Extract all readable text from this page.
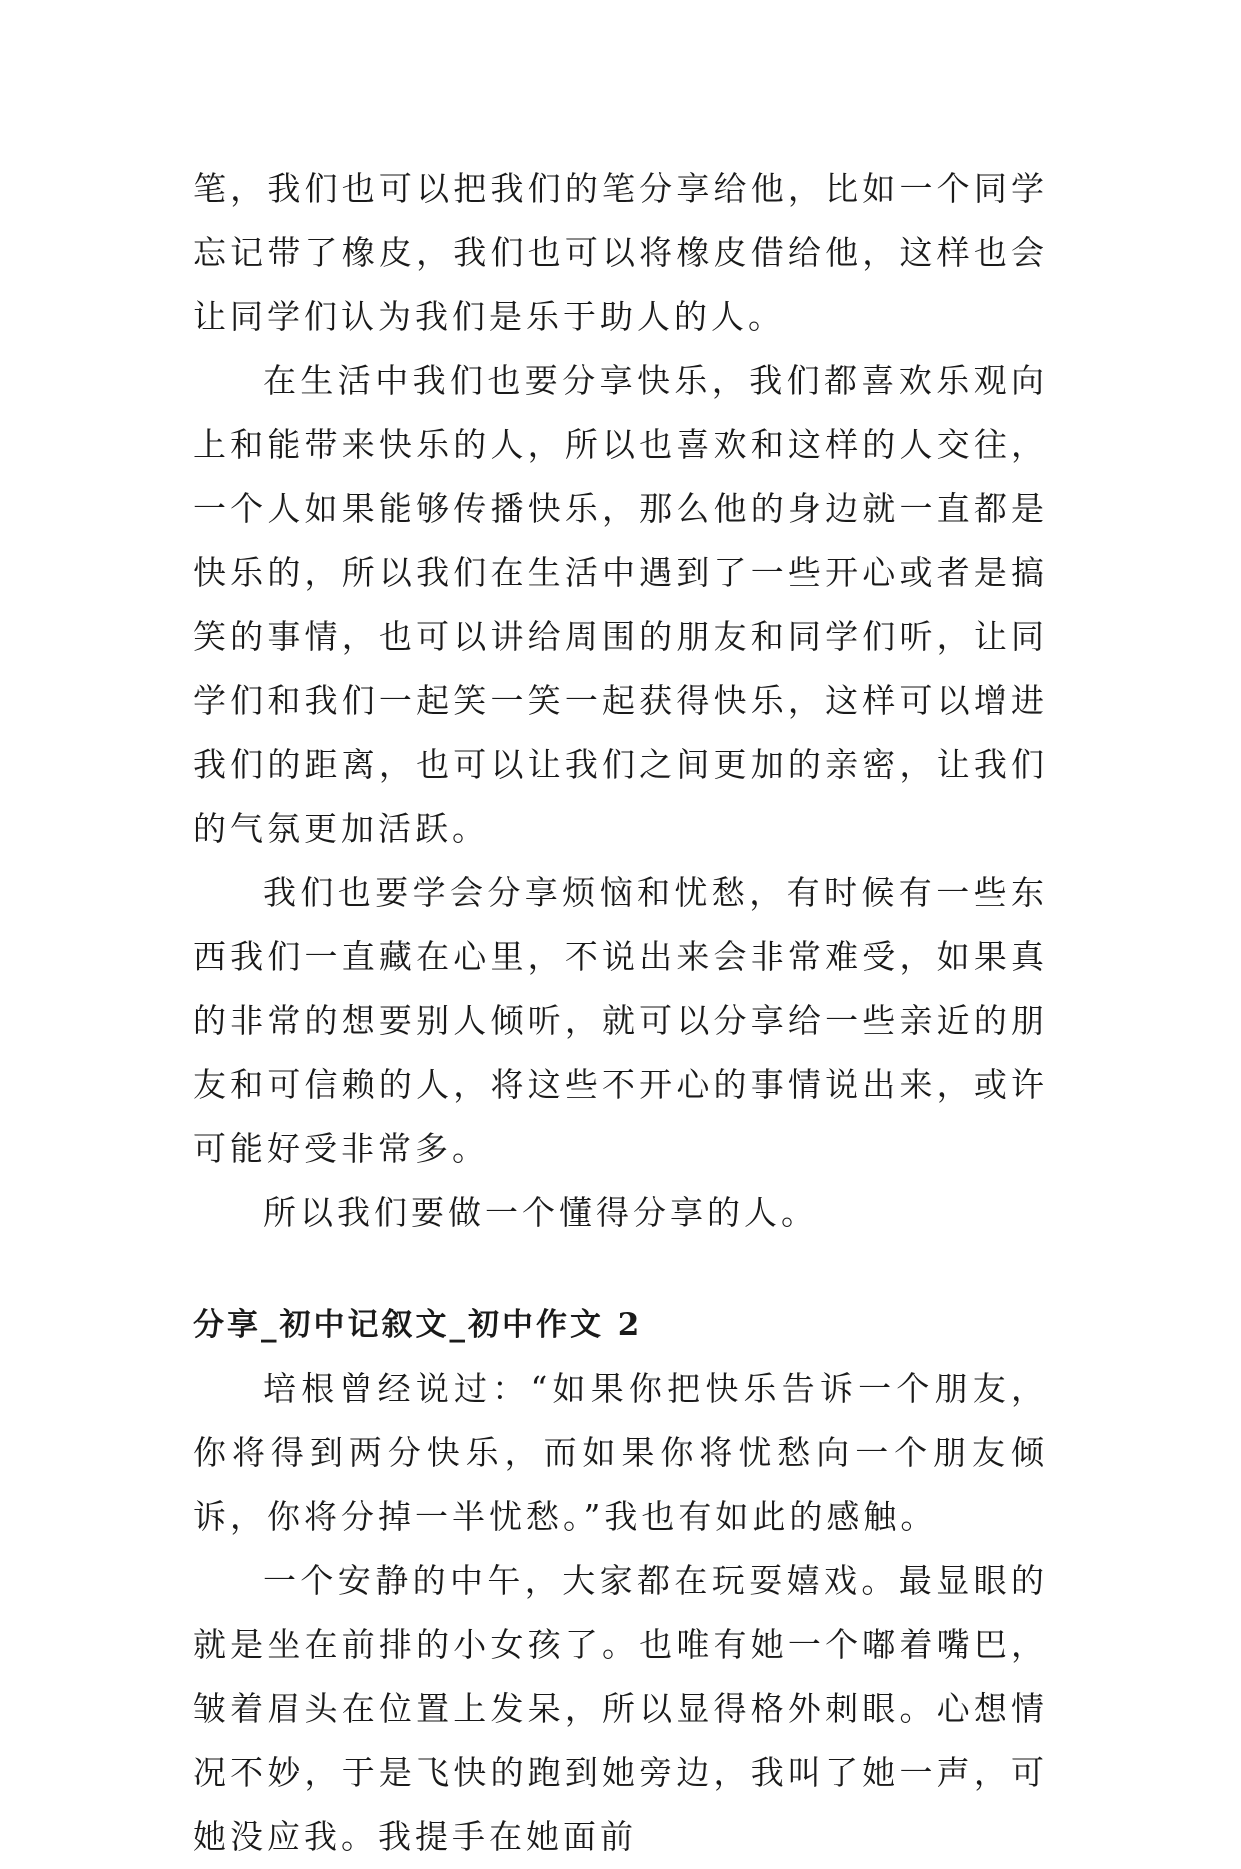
笔，我们也可以把我们的笔分享给他，比如一个同学忘记带了橡皮，我们也可以将橡皮借给他，这样也会让同学们认为我们是乐于助人的人。

在生活中我们也要分享快乐，我们都喜欢乐观向上和能带来快乐的人，所以也喜欢和这样的人交往，一个人如果能够传播快乐，那么他的身边就一直都是快乐的，所以我们在生活中遇到了一些开心或者是搞笑的事情，也可以讲给周围的朋友和同学们听，让同学们和我们一起笑一笑一起获得快乐，这样可以增进我们的距离，也可以让我们之间更加的亲密，让我们的气氛更加活跃。

我们也要学会分享烦恼和忧愁，有时候有一些东西我们一直藏在心里，不说出来会非常难受，如果真的非常的想要别人倾听，就可以分享给一些亲近的朋友和可信赖的人，将这些不开心的事情说出来，或许可能好受非常多。

所以我们要做一个懂得分享的人。

分享_初中记叙文_初中作文 2

培根曾经说过：“如果你把快乐告诉一个朋友，你将得到两分快乐，而如果你将忧愁向一个朋友倾诉，你将分掉一半忧愁。”我也有如此的感触。

一个安静的中午，大家都在玩耍嬉戏。最显眼的就是坐在前排的小女孩了。也唯有她一个嘟着嘴巴，皱着眉头在位置上发呆，所以显得格外刺眼。心想情况不妙，于是飞快的跑到她旁边，我叫了她一声，可她没应我。我提手在她面前
